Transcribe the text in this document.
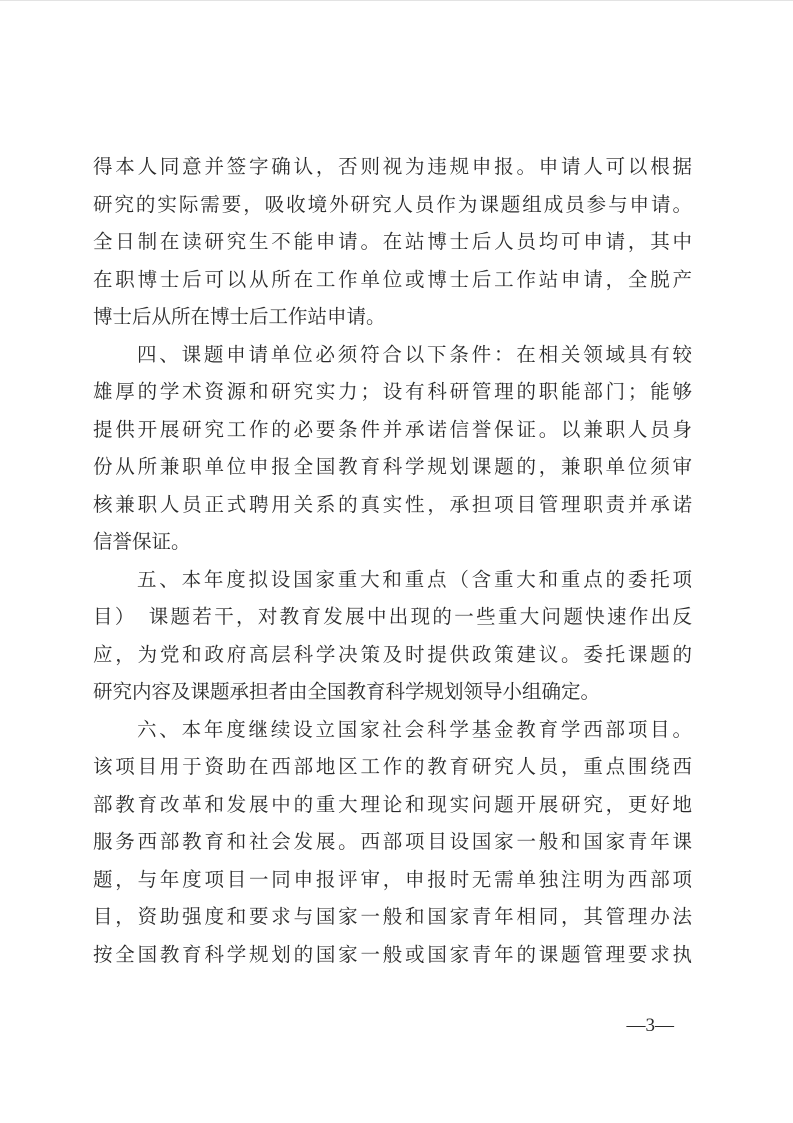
得本人同意并签字确认，否则视为违规申报。申请人可以根据
研究的实际需要，吸收境外研究人员作为课题组成员参与申请。
全日制在读研究生不能申请。在站博士后人员均可申请，其中
在职博士后可以从所在工作单位或博士后工作站申请，全脱产
博士后从所在博士后工作站申请。
四、课题申请单位必须符合以下条件：在相关领域具有较
雄厚的学术资源和研究实力；设有科研管理的职能部门；能够
提供开展研究工作的必要条件并承诺信誉保证。以兼职人员身
份从所兼职单位申报全国教育科学规划课题的，兼职单位须审
核兼职人员正式聘用关系的真实性，承担项目管理职责并承诺
信誉保证。
五、本年度拟设国家重大和重点（含重大和重点的委托项
目）　课题若干，对教育发展中出现的一些重大问题快速作出反
应，为党和政府高层科学决策及时提供政策建议。委托课题的
研究内容及课题承担者由全国教育科学规划领导小组确定。
六、本年度继续设立国家社会科学基金教育学西部项目。
该项目用于资助在西部地区工作的教育研究人员，重点围绕西
部教育改革和发展中的重大理论和现实问题开展研究，更好地
服务西部教育和社会发展。西部项目设国家一般和国家青年课
题，与年度项目一同申报评审，申报时无需单独注明为西部项
目，资助强度和要求与国家一般和国家青年相同，其管理办法
按全国教育科学规划的国家一般或国家青年的课题管理要求执
—3—
